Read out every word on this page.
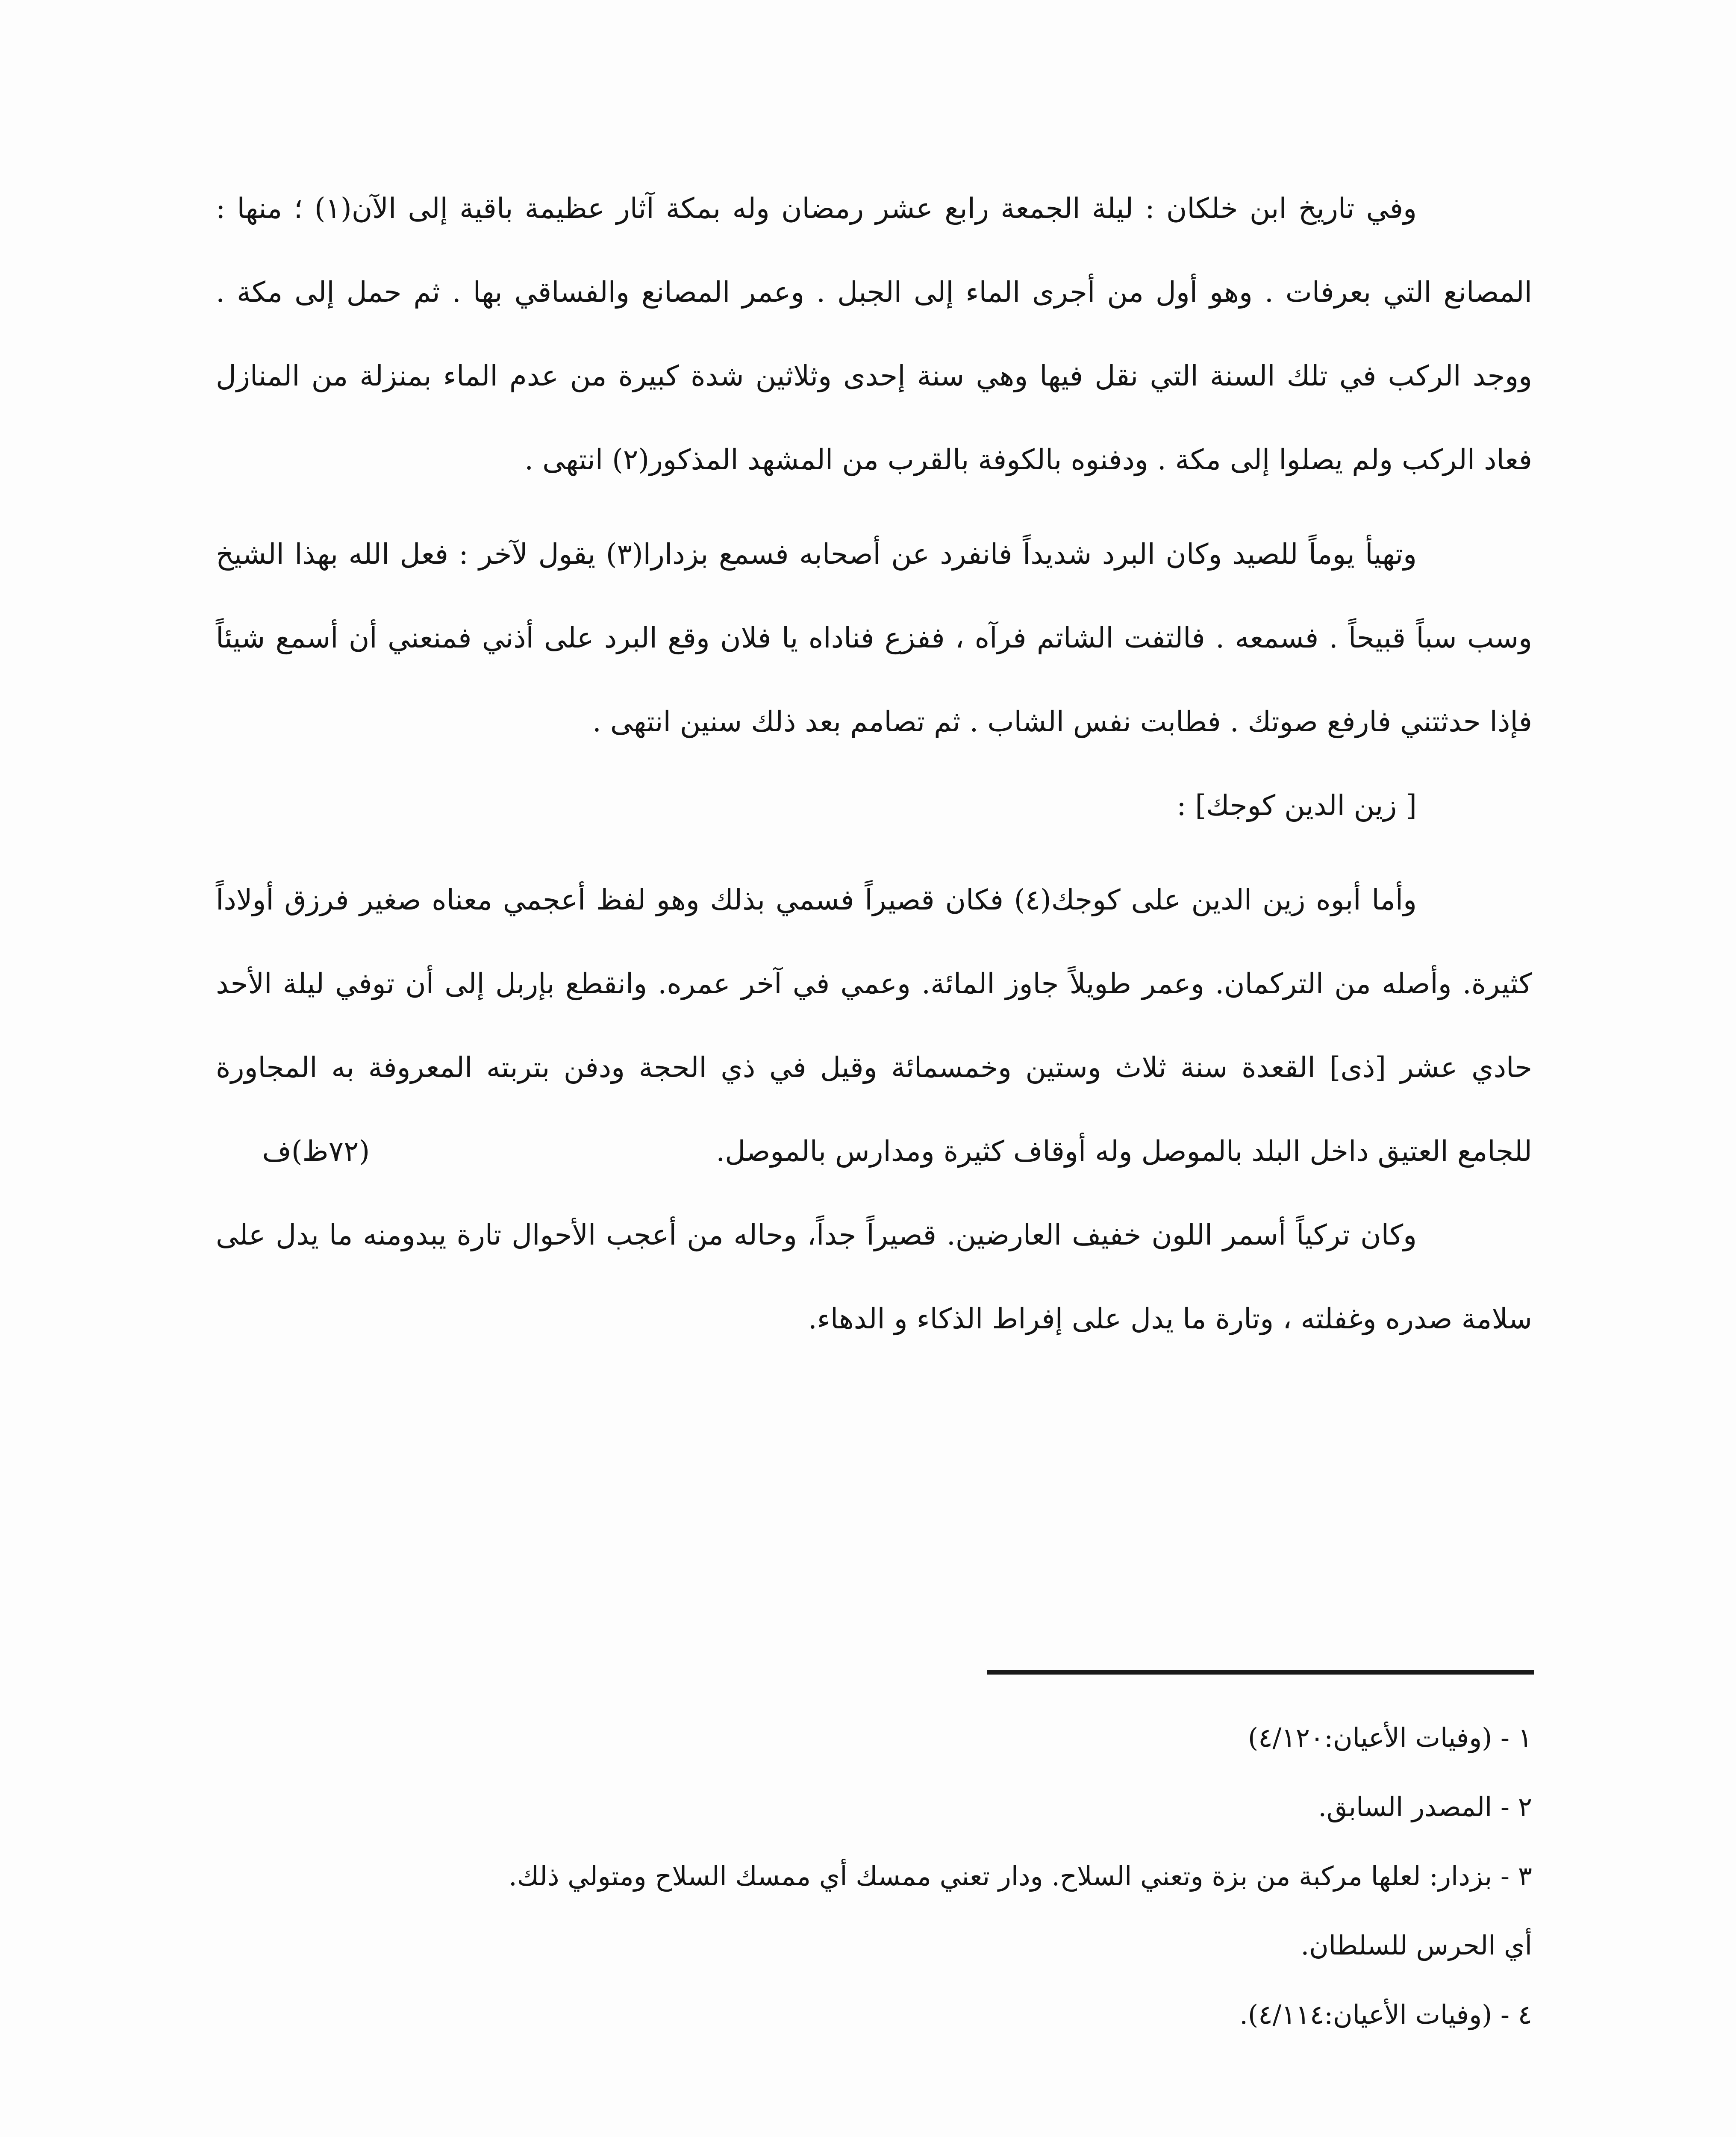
وفي تاريخ ابن خلكان : ليلة الجمعة رابع عشر رمضان وله بمكة آثار عظيمة باقية إلى الآن(١) ؛ منها : المصانع التي بعرفات . وهو أول من أجرى الماء إلى الجبل . وعمر المصانع والفساقي بها . ثم حمل إلى مكة . ووجد الركب في تلك السنة التي نقل فيها وهي سنة إحدى وثلاثين شدة كبيرة من عدم الماء بمنزلة من المنازل فعاد الركب ولم يصلوا إلى مكة . ودفنوه بالكوفة بالقرب من المشهد المذكور(٢) انتهى .

وتهيأ يوماً للصيد وكان البرد شديداً فانفرد عن أصحابه فسمع بزدارا(٣) يقول لآخر : فعل الله بهذا الشيخ وسب سباً قبيحاً . فسمعه . فالتفت الشاتم فرآه ، ففزع فناداه يا فلان وقع البرد على أذني فمنعني أن أسمع شيئاً فإذا حدثتني فارفع صوتك . فطابت نفس الشاب . ثم تصامم بعد ذلك سنين انتهى .

[ زين الدين كوجك] :

وأما أبوه زين الدين على كوجك(٤) فكان قصيراً فسمي بذلك وهو لفظ أعجمي معناه صغير فرزق أولاداً كثيرة. وأصله من التركمان. وعمر طويلاً جاوز المائة. وعمي في آخر عمره. وانقطع بإربل إلى أن توفي ليلة الأحد حادي عشر [ذى] القعدة سنة ثلاث وستين وخمسمائة وقيل في ذي الحجة ودفن بتربته المعروفة به المجاورة للجامع العتيق داخل البلد بالموصل وله أوقاف كثيرة ومدارس بالموصل.(٧٢ظ)ف

وكان تركياً أسمر اللون خفيف العارضين. قصيراً جداً، وحاله من أعجب الأحوال تارة يبدومنه ما يدل على سلامة صدره وغفلته ، وتارة ما يدل على إفراط الذكاء و الدهاء.

١ - (وفيات الأعيان:٤/١٢٠)

٢ - المصدر السابق.

٣ - بزدار: لعلها مركبة من بزة وتعني السلاح. ودار تعني ممسك أي ممسك السلاح ومتولي ذلك.

أي الحرس للسلطان.

٤ - (وفيات الأعيان:٤/١١٤).
